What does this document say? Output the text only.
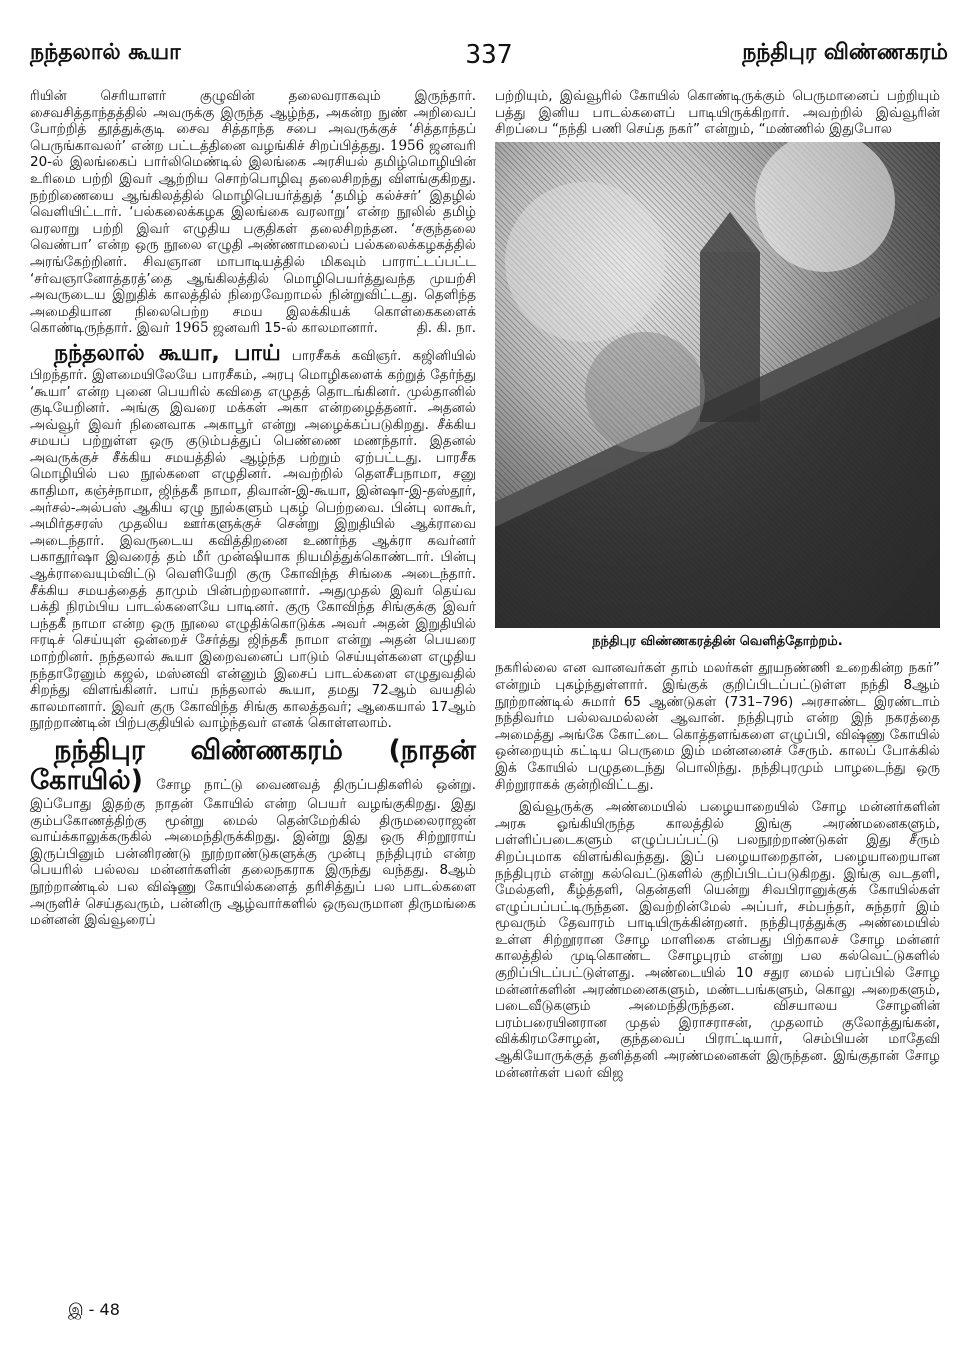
337
நந்தலால் கூயா	நந்திபுர விண்ணகரம்

ரியின் செரியாளர் குழுவின் தலைவராகவும் இருந்தார். சைவசித்தாந்தத்தில் அவருக்கு இருந்த ஆழ்ந்த, அகன்ற நுண் அறிவைப் போற்றித் தூத்துக்குடி சைவ சித்தாந்த சபை அவருக்குச் ‘சித்தாந்தப் பெருங்காவலர்’ என்ற பட்டத்தினை வழங்கிச் சிறப்பித்தது. 1956 ஜனவரி 20-ல் இலங்கைப் பார்லிமெண்டில் இலங்கை அரசியல் தமிழ்மொழியின் உரிமை பற்றி இவர் ஆற்றிய சொற்பொழிவு தலைசிறந்து விளங்குகிறது. நற்றிணையை ஆங்கிலத்தில் மொழிபெயர்த்துத் ‘தமிழ் கல்ச்சர்’ இதழில் வெளியிட்டார். ‘பல்கலைக்கழக இலங்கை வரலாறு’ என்ற நூலில் தமிழ் வரலாறு பற்றி இவர் எழுதிய பகுதிகள் தலைசிறந்தன. ‘சகுந்தலை வெண்பா’ என்ற ஒரு நூலை எழுதி அண்ணாமலைப் பல்கலைக்கழகத்தில் அரங்கேற்றினர். சிவஞான மாபாடியத்தில் மிகவும் பாராட்டப்பட்ட ‘சர்வஞானோத்தரத்’தை ஆங்கிலத்தில் மொழிபெயர்த்துவந்த முயற்சி அவருடைய இறுதிக் காலத்தில் நிறைவேறாமல் நின்றுவிட்டது. தெளிந்த அமைதியான நிலைபெற்ற சமய இலக்கியக் கொள்கைகளைக் கொண்டிருந்தார். இவர் 1965 ஜனவரி 15-ல் காலமானார்.	தி. கி. நா.

நந்தலால் கூயா, பாய் பாரசீகக் கவிஞர். கஜினியில் பிறந்தார். இளமையிலேயே பாரசீகம், அரபு மொழிகளைக் கற்றுத் தேர்ந்து ‘கூயா’ என்ற புனை பெயரில் கவிதை எழுதத் தொடங்கினர். முல்தானில் குடியேறினர். அங்கு இவரை மக்கள் அகா என்றழைத்தனர். அதனல் அவ்வூர் இவர் நினைவாக அகாபூர் என்று அழைக்கப்படுகிறது. சீக்கிய சமயப் பற்றுள்ள ஒரு குடும்பத்துப் பெண்ணை மணந்தார். இதனல் அவருக்குச் சீக்கிய சமயத்தில் ஆழ்ந்த பற்றும் ஏற்பட்டது. பாரசீக மொழியில் பல நூல்களை எழுதினர். அவற்றில் தௌசீபநாமா, சனு காதிமா, கஞ்ச்நாமா, ஜிந்தகீ நாமா, திவான்-இ-கூயா, இன்ஷா-இ-தஸ்தூர், அர்சல்-அல்பஸ் ஆகிய ஏழு நூல்களும் புகழ் பெற்றவை. பின்பு லாகூர், அமிர்தசரஸ் முதலிய ஊர்களுக்குச் சென்று இறுதியில் ஆக்ராவை அடைந்தார். இவருடைய கவித்திறனை உணர்ந்த ஆக்ரா கவர்னர் பகாதூர்ஷா இவரைத் தம் மீர் முன்ஷியாக நியமித்துக்கொண்டார். பின்பு ஆக்ராவையும்விட்டு வெளியேறி குரு கோவிந்த சிங்கை அடைந்தார். சீக்கிய சமயத்தைத் தாமும் பின்பற்றலானார். அதுமுதல் இவர் தெய்வ பக்தி நிரம்பிய பாடல்களையே பாடினர். குரு கோவிந்த சிங்குக்கு இவர் பந்தகீ நாமா என்ற ஒரு நூலை எழுதிக்கொடுக்க அவர் அதன் இறுதியில் ஈரடிச் செய்யுள் ஒன்றைச் சேர்த்து ஜிந்தகீ நாமா என்று அதன் பெயரை மாற்றினர். நந்தலால் கூயா இறைவனைப் பாடும் செய்யுள்களை எழுதிய நந்தாரேனும் கஜல், மஸ்னவி என்னும் இசைப் பாடல்களை எழுதுவதில் சிறந்து விளங்கினர். பாய் நந்தலால் கூயா, தமது 72ஆம் வயதில் காலமானார். இவர் குரு கோவிந்த சிங்கு காலத்தவர்; ஆகையால் 17ஆம் நூற்றாண்டின் பிற்பகுதியில் வாழ்ந்தவர் எனக் கொள்ளலாம்.

நந்திபுர விண்ணகரம் (நாதன் கோயில்) சோழ நாட்டு வைணவத் திருப்பதிகளில் ஒன்று. இப்போது இதற்கு நாதன் கோயில் என்ற பெயர் வழங்குகிறது. இது கும்பகோணத்திற்கு மூன்று மைல் தென்மேற்கில் திருமலைராஜன் வாய்க்காலுக்கருகில் அமைந்திருக்கிறது. இன்று இது ஒரு சிற்றூராய் இருப்பினும் பன்னிரண்டு நூற்றாண்டுகளுக்கு முன்பு நந்திபுரம் என்ற பெயரில் பல்லவ மன்னர்களின் தலைநகராக இருந்து வந்தது. 8ஆம் நூற்றாண்டில் பல விஷ்ணு கோயில்களைத் தரிசித்துப் பல பாடல்களை அருளிச் செய்தவரும், பன்னிரு ஆழ்வார்களில் ஒருவருமான திருமங்கை மன்னன் இவ்வூரைப்

பற்றியும், இவ்வூரில் கோயில் கொண்டிருக்கும் பெருமானைப் பற்றியும் பத்து இனிய பாடல்களைப் பாடியிருக்கிறார். அவற்றில் இவ்வூரின் சிறப்பை “நந்தி பணி செய்த நகர்” என்றும், “மண்ணில் இதுபோல

நந்திபுர விண்ணகரத்தின் வெளித்தோற்றம்.

நகரில்லை என வானவர்கள் தாம் மலர்கள் தூயநண்ணி உறைகின்ற நகர்” என்றும் புகழ்ந்துள்ளார். இங்குக் குறிப்பிடப்பட்டுள்ள நந்தி 8ஆம் நூற்றாண்டில் சுமார் 65 ஆண்டுகள் (731–796) அரசாண்ட இரண்டாம் நந்திவர்ம பல்லவமல்லன் ஆவான். நந்திபுரம் என்ற இந் நகரத்தை அமைத்து அங்கே கோட்டை கொத்தளங்களை எழுப்பி, விஷ்ணு கோயில் ஒன்றையும் கட்டிய பெருமை இம் மன்னனைச் சேரும். காலப் போக்கில் இக் கோயில் பழுதடைந்து பொலிந்து. நந்திபுரமும் பாழடைந்து ஒரு சிற்றூராகக் குன்றிவிட்டது.

இவ்வூருக்கு அண்மையில் பழையாறையில் சோழ மன்னர்களின் அரசு ஓங்கியிருந்த காலத்தில் இங்கு அரண்மனைகளும், பள்ளிப்படைகளும் எழுப்பப்பட்டு பலநூற்றாண்டுகள் இது சீரும் சிறப்புமாக விளங்கிவந்தது. இப் பழையாறைதான், பழையாறையான நந்திபுரம் என்று கல்வெட்டுகளில் குறிப்பிடப்படுகிறது. இங்கு வடதளி, மேல்தளி, கீழ்த்தளி, தென்தளி யென்று சிவபிரானுக்குக் கோயில்கள் எழுப்பப்பட்டிருந்தன. இவற்றின்மேல் அப்பர், சம்பந்தர், சுந்தரர் இம் மூவரும் தேவாரம் பாடியிருக்கின்றனர். நந்திபுரத்துக்கு அண்மையில் உள்ள சிற்றூரான சோழ மாளிகை என்பது பிற்காலச் சோழ மன்னர் காலத்தில் முடிகொண்ட சோழபுரம் என்று பல கல்வெட்டுகளில் குறிப்பிடப்பட்டுள்ளது. அண்டையில் 10 சதுர மைல் பரப்பில் சோழ மன்னர்களின் அரண்மனைகளும், மண்டபங்களும், கொலு அறைகளும், படைவீடுகளும் அமைந்திருந்தன. விசயாலய சோழனின் பரம்பரையினரான முதல் இராசராசன், முதலாம் குலோத்துங்கன், விக்கிரமசோழன், குந்தவைப் பிராட்டியார், செம்பியன் மாதேவி ஆகியோருக்குத் தனித்தனி அரண்மனைகள் இருந்தன. இங்குதான் சோழ மன்னர்கள் பலர் விஜ

இ - 48
